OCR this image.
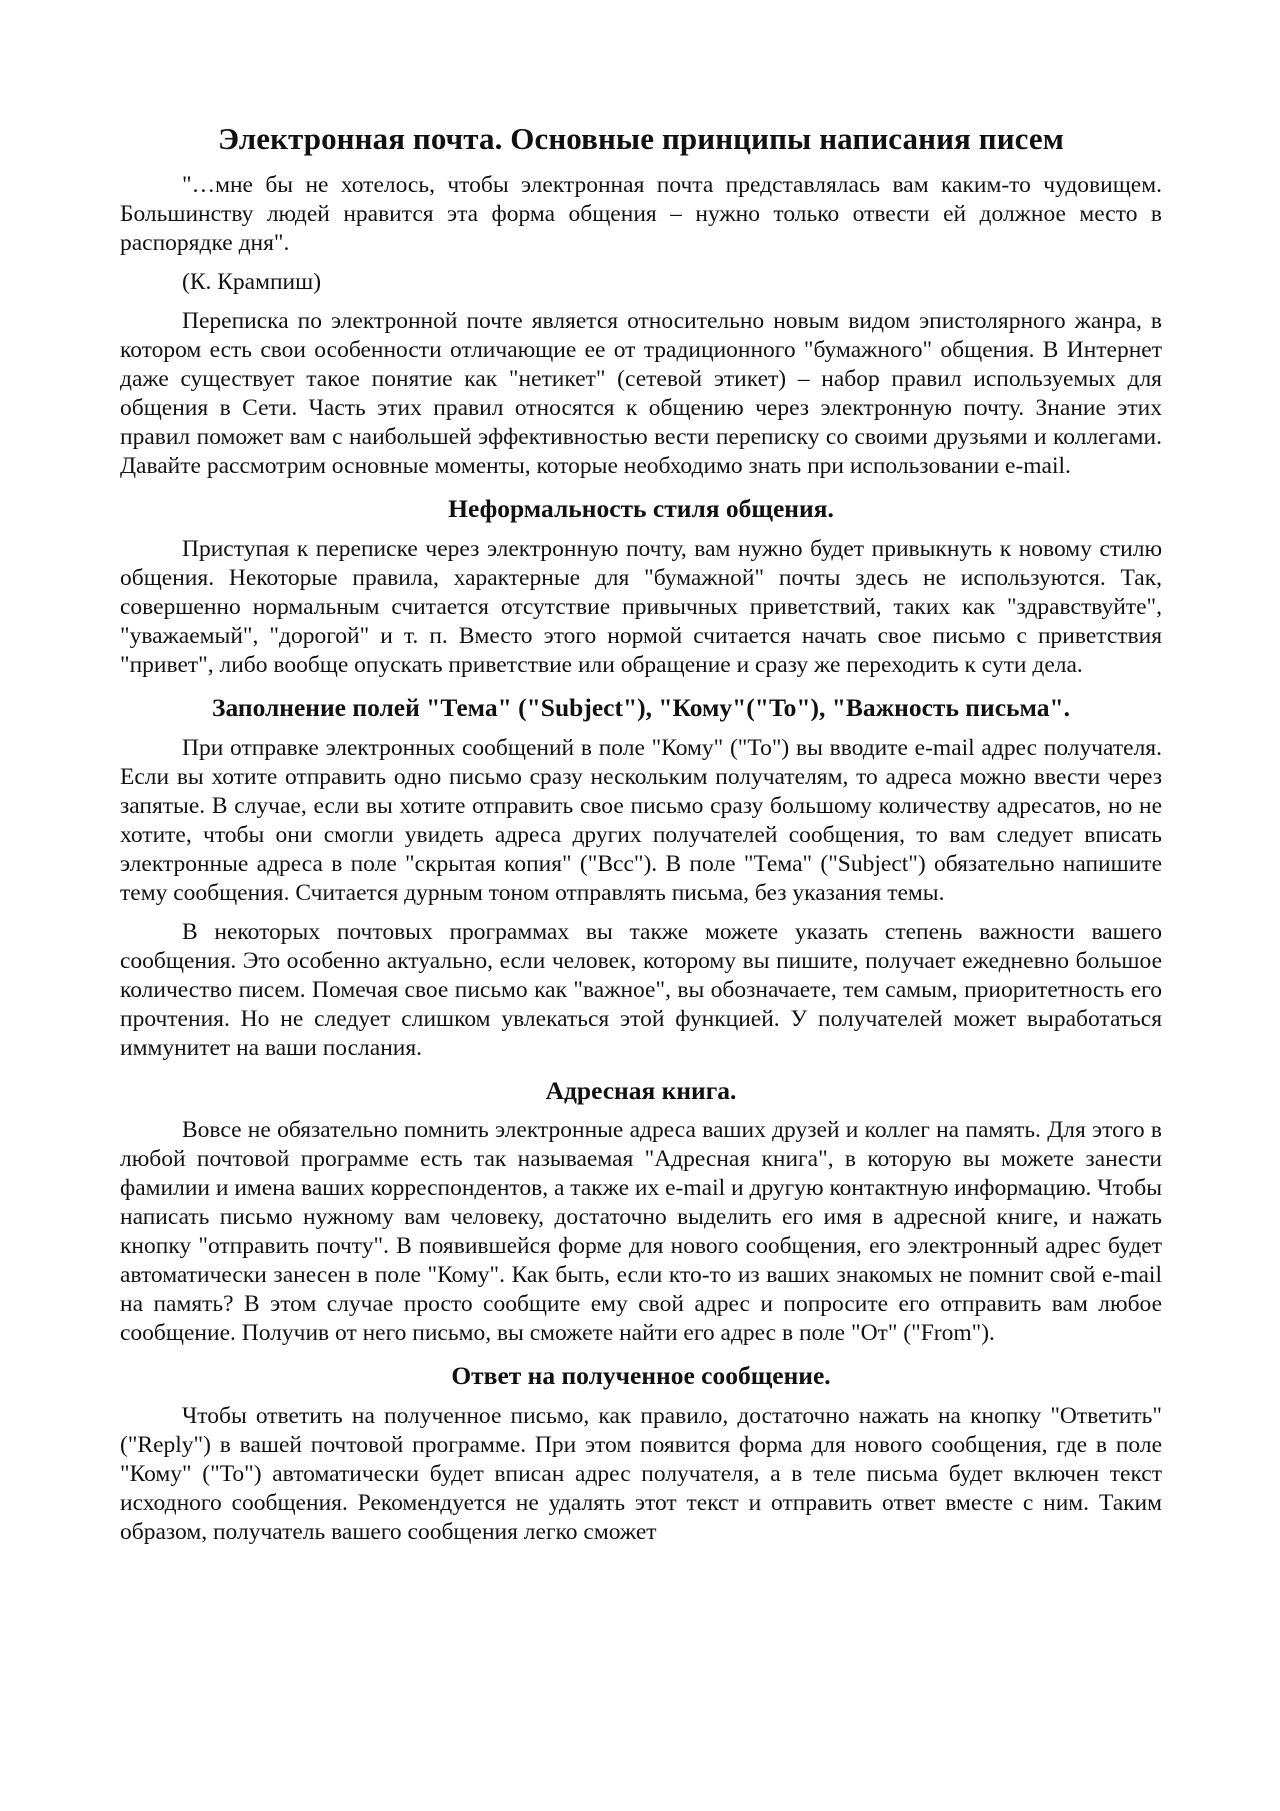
Электронная почта. Основные принципы написания писем

"…мне бы не хотелось, чтобы электронная почта представлялась вам каким-то чудовищем. Большинству людей нравится эта форма общения – нужно только отвести ей должное место в распорядке дня".

(К. Крампиш)

Переписка по электронной почте является относительно новым видом эпистолярного жанра, в котором есть свои особенности отличающие ее от традиционного "бумажного" общения. В Интернет даже существует такое понятие как "нетикет" (сетевой этикет) – набор правил используемых для общения в Сети. Часть этих правил относятся к общению через электронную почту. Знание этих правил поможет вам с наибольшей эффективностью вести переписку со своими друзьями и коллегами. Давайте рассмотрим основные моменты, которые необходимо знать при использовании e-mail.

Неформальность стиля общения.

Приступая к переписке через электронную почту, вам нужно будет привыкнуть к новому стилю общения. Некоторые правила, характерные для "бумажной" почты здесь не используются. Так, совершенно нормальным считается отсутствие привычных приветствий, таких как "здравствуйте", "уважаемый", "дорогой" и т. п. Вместо этого нормой считается начать свое письмо с приветствия "привет", либо вообще опускать приветствие или обращение и сразу же переходить к сути дела.

Заполнение полей "Тема" ("Subject"), "Кому"("To"), "Важность письма".

При отправке электронных сообщений в поле "Кому" ("To") вы вводите e-mail адрес получателя. Если вы хотите отправить одно письмо сразу нескольким получателям, то адреса можно ввести через запятые. В случае, если вы хотите отправить свое письмо сразу большому количеству адресатов, но не хотите, чтобы они смогли увидеть адреса других получателей сообщения, то вам следует вписать электронные адреса в поле "скрытая копия" ("Bcc"). В поле "Тема" ("Subject") обязательно напишите тему сообщения. Считается дурным тоном отправлять письма, без указания темы.

В некоторых почтовых программах вы также можете указать степень важности вашего сообщения. Это особенно актуально, если человек, которому вы пишите, получает ежедневно большое количество писем. Помечая свое письмо как "важное", вы обозначаете, тем самым, приоритетность его прочтения. Но не следует слишком увлекаться этой функцией. У получателей может выработаться иммунитет на ваши послания.

Адресная книга.

Вовсе не обязательно помнить электронные адреса ваших друзей и коллег на память. Для этого в любой почтовой программе есть так называемая "Адресная книга", в которую вы можете занести фамилии и имена ваших корреспондентов, а также их e-mail и другую контактную информацию. Чтобы написать письмо нужному вам человеку, достаточно выделить его имя в адресной книге, и нажать кнопку "отправить почту". В появившейся форме для нового сообщения, его электронный адрес будет автоматически занесен в поле "Кому". Как быть, если кто-то из ваших знакомых не помнит свой e-mail на память? В этом случае просто сообщите ему свой адрес и попросите его отправить вам любое сообщение. Получив от него письмо, вы сможете найти его адрес в поле "От" ("From").

Ответ на полученное сообщение.

Чтобы ответить на полученное письмо, как правило, достаточно нажать на кнопку "Ответить"("Reply") в вашей почтовой программе. При этом появится форма для нового сообщения, где в поле "Кому" ("To") автоматически будет вписан адрес получателя, а в теле письма будет включен текст исходного сообщения. Рекомендуется не удалять этот текст и отправить ответ вместе с ним. Таким образом, получатель вашего сообщения легко сможет
